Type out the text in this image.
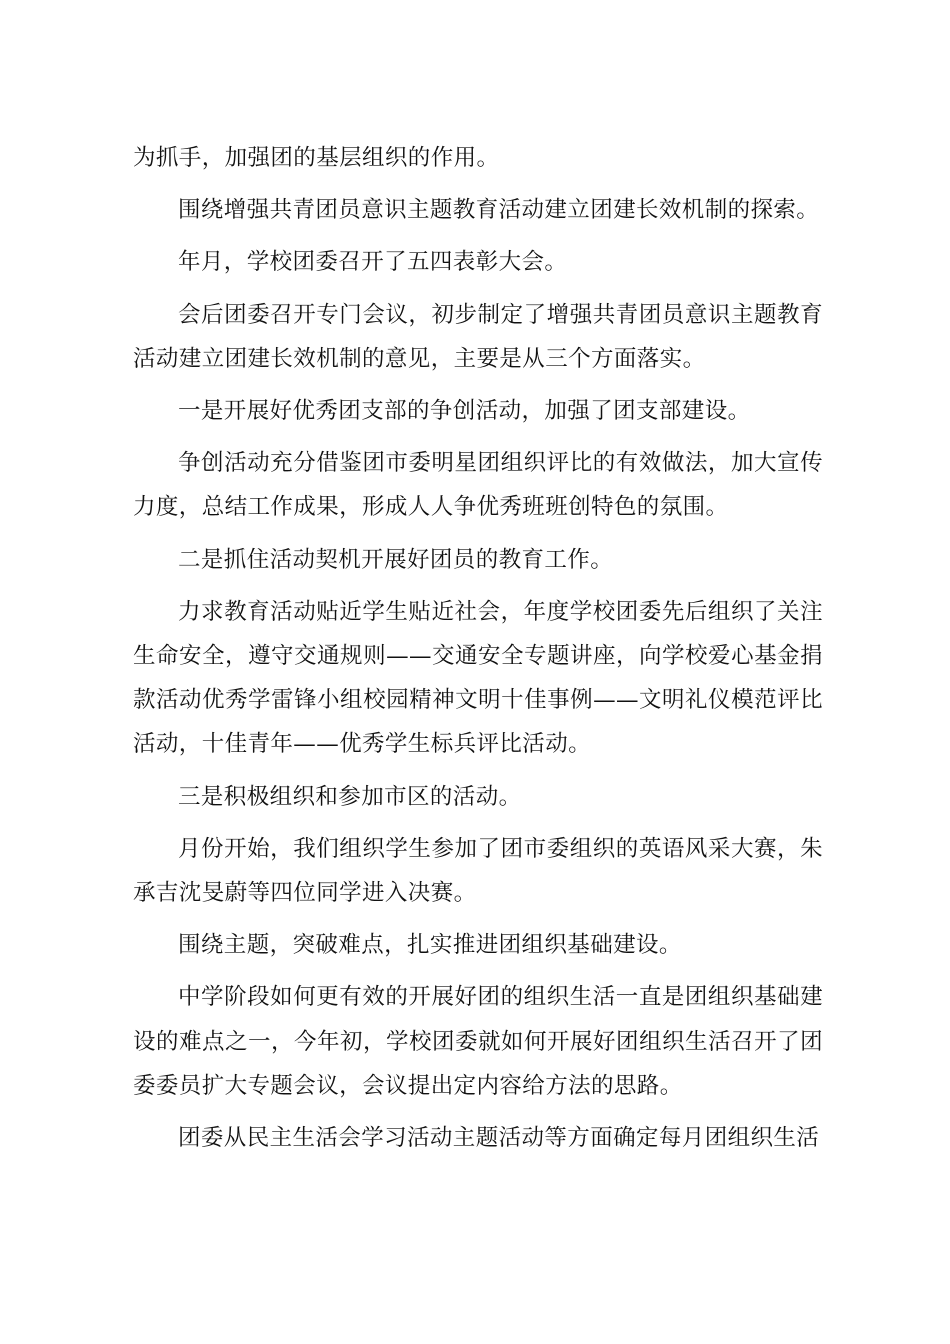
为抓手，加强团的基层组织的作用。

围绕增强共青团员意识主题教育活动建立团建长效机制的探索。

年月，学校团委召开了五四表彰大会。

会后团委召开专门会议，初步制定了增强共青团员意识主题教育活动建立团建长效机制的意见，主要是从三个方面落实。

一是开展好优秀团支部的争创活动，加强了团支部建设。

争创活动充分借鉴团市委明星团组织评比的有效做法，加大宣传力度，总结工作成果，形成人人争优秀班班创特色的氛围。

二是抓住活动契机开展好团员的教育工作。

力求教育活动贴近学生贴近社会，年度学校团委先后组织了关注生命安全，遵守交通规则——交通安全专题讲座，向学校爱心基金捐款活动优秀学雷锋小组校园精神文明十佳事例——文明礼仪模范评比活动，十佳青年——优秀学生标兵评比活动。

三是积极组织和参加市区的活动。

月份开始，我们组织学生参加了团市委组织的英语风采大赛，朱承吉沈旻蔚等四位同学进入决赛。

围绕主题，突破难点，扎实推进团组织基础建设。

中学阶段如何更有效的开展好团的组织生活一直是团组织基础建设的难点之一，今年初，学校团委就如何开展好团组织生活召开了团委委员扩大专题会议，会议提出定内容给方法的思路。

团委从民主生活会学习活动主题活动等方面确定每月团组织生活
